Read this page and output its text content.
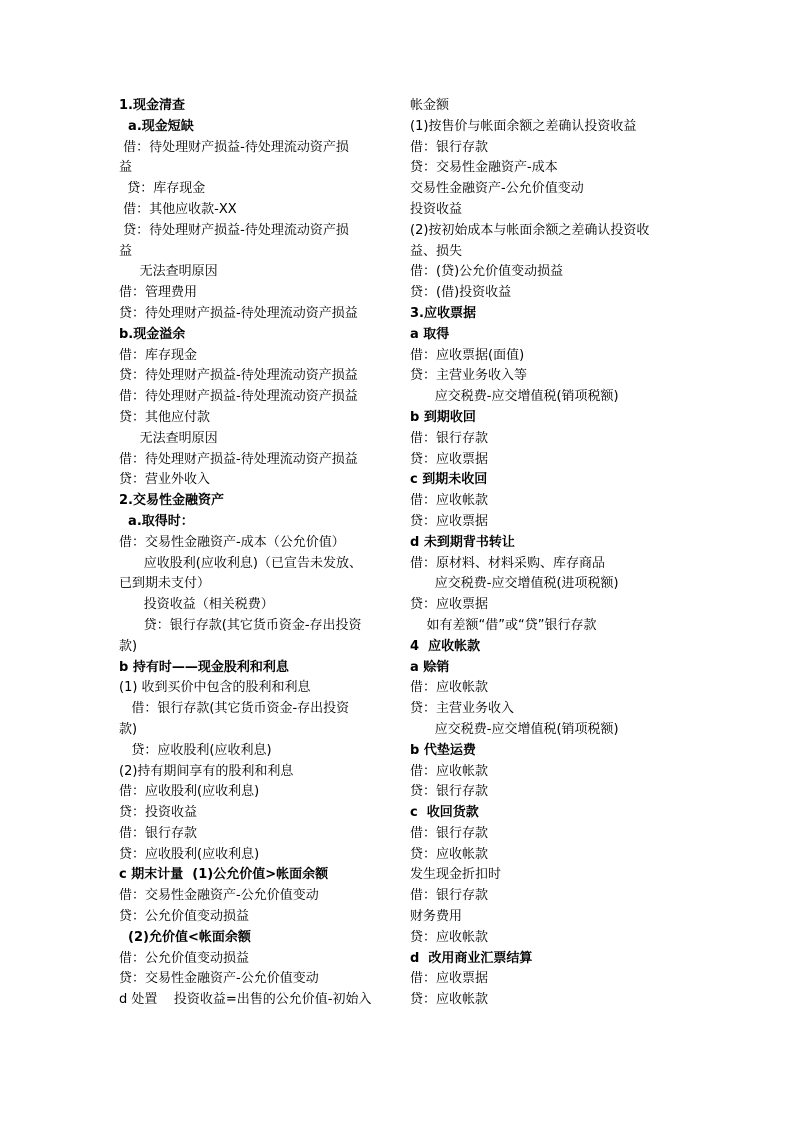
1.现金清查
a.现金短缺
借：待处理财产损益-待处理流动资产损
益
贷：库存现金
借：其他应收款-XX
贷：待处理财产损益-待处理流动资产损
益
无法查明原因
借：管理费用
贷：待处理财产损益-待处理流动资产损益
b.现金溢余
借：库存现金
贷：待处理财产损益-待处理流动资产损益
借：待处理财产损益-待处理流动资产损益
贷：其他应付款
无法查明原因
借：待处理财产损益-待处理流动资产损益
贷：营业外收入
2.交易性金融资产
a.取得时：
借：交易性金融资产-成本（公允价值）
应收股利(应收利息)（已宣告未发放、
已到期未支付）
投资收益（相关税费）
贷：银行存款(其它货币资金-存出投资
款)
b 持有时——现金股利和利息
(1) 收到买价中包含的股利和利息
借：银行存款(其它货币资金-存出投资
款)
贷：应收股利(应收利息)
(2)持有期间享有的股利和利息
借：应收股利(应收利息)
贷：投资收益
借：银行存款
贷：应收股利(应收利息)
c 期末计量  (1)公允价值>帐面余额
借：交易性金融资产-公允价值变动
贷：公允价值变动损益
(2)允价值<帐面余额
借：公允价值变动损益
贷：交易性金融资产-公允价值变动
d 处置    投资收益=出售的公允价值-初始入
帐金额
(1)按售价与帐面余额之差确认投资收益
借：银行存款
贷：交易性金融资产-成本
交易性金融资产-公允价值变动
投资收益
(2)按初始成本与帐面余额之差确认投资收
益、损失
借：(贷)公允价值变动损益
贷：(借)投资收益
3.应收票据
a 取得
借：应收票据(面值)
贷：主营业务收入等
应交税费-应交增值税(销项税额)
b 到期收回
借：银行存款
贷：应收票据
c 到期未收回
借：应收帐款
贷：应收票据
d 未到期背书转让
借：原材料、材料采购、库存商品
应交税费-应交增值税(进项税额)
贷：应收票据
如有差额“借”或“贷”银行存款
4  应收帐款
a 赊销
借：应收帐款
贷：主营业务收入
应交税费-应交增值税(销项税额)
b 代垫运费
借：应收帐款
贷：银行存款
c  收回货款
借：银行存款
贷：应收帐款
发生现金折扣时
借：银行存款
财务费用
贷：应收帐款
d  改用商业汇票结算
借：应收票据
贷：应收帐款
